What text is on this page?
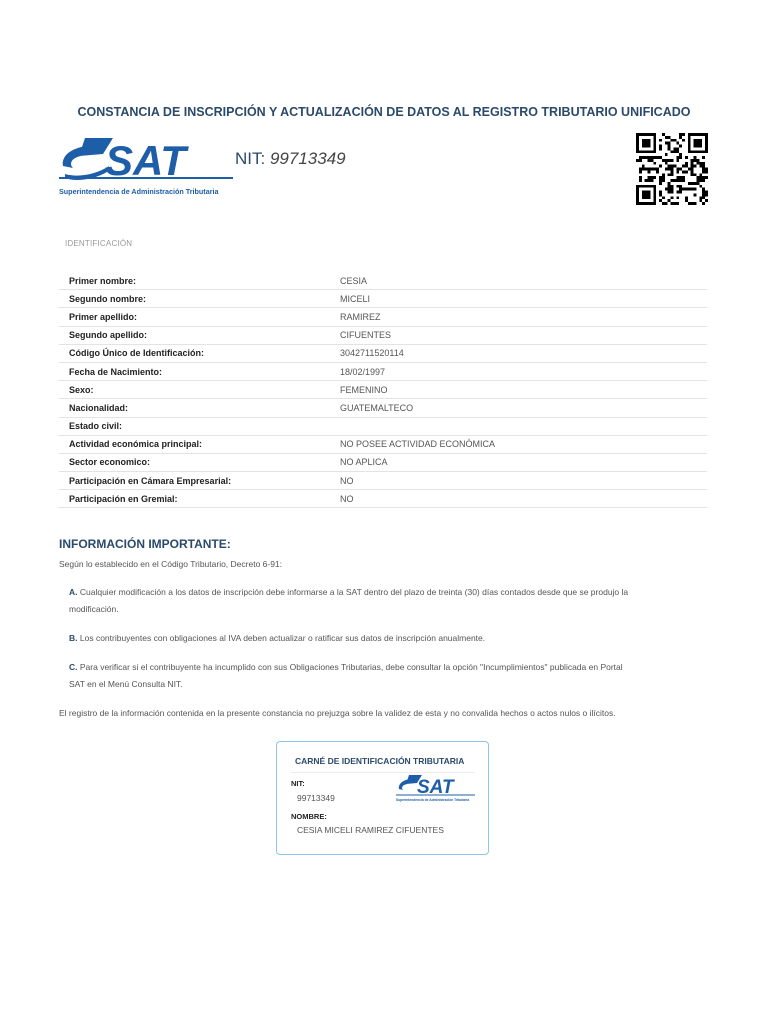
CONSTANCIA DE INSCRIPCIÓN Y ACTUALIZACIÓN DE DATOS AL REGISTRO TRIBUTARIO UNIFICADO
SAT
Superintendencia de Administración Tributaria
NIT: 99713349
IDENTIFICACIÓN
Primer nombre:	CESIA
Segundo nombre:	MICELI
Primer apellido:	RAMIREZ
Segundo apellido:	CIFUENTES
Código Único de Identificación:	3042711520114
Fecha de Nacimiento:	18/02/1997
Sexo:	FEMENINO
Nacionalidad:	GUATEMALTECO
Estado civil:	
Actividad económica principal:	NO POSEE ACTIVIDAD ECONÓMICA
Sector economico:	NO APLICA
Participación en Cámara Empresarial:	NO
Participación en Gremial:	NO
INFORMACIÓN IMPORTANTE:
Según lo establecido en el Código Tributario, Decreto 6-91:
A. Cualquier modificación a los datos de inscripción debe informarse a la SAT dentro del plazo de treinta (30) días contados desde que se produjo la
modificación.
B. Los contribuyentes con obligaciones al IVA deben actualizar o ratificar sus datos de inscripción anualmente.
C. Para verificar si el contribuyente ha incumplido con sus Obligaciones Tributarias, debe consultar la opción "Incumplimientos" publicada en Portal
SAT en el Menú Consulta NIT.
El registro de la información contenida en la presente constancia no prejuzga sobre la validez de esta y no convalida hechos o actos nulos o ilícitos.
CARNÉ DE IDENTIFICACIÓN TRIBUTARIA
SAT
Superintendencia de Administración Tributaria
NIT:
99713349
NOMBRE:
CESIA MICELI RAMIREZ CIFUENTES
